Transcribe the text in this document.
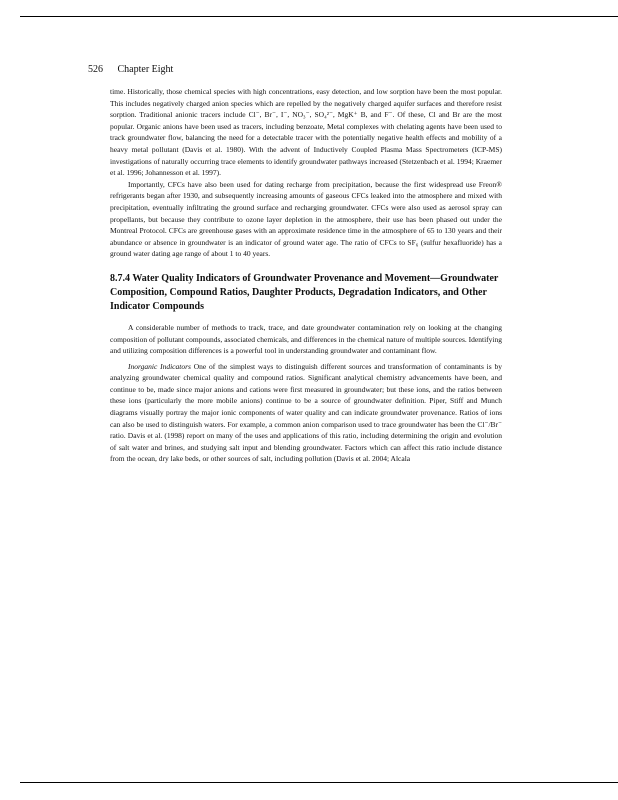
526 Chapter Eight

time. Historically, those chemical species with high concentrations, easy detection, and low sorption have been the most popular. This includes negatively charged anion species which are repelled by the negatively charged aquifer surfaces and therefore resist sorption. Traditional anionic tracers include Cl⁻, Br⁻, I⁻, NO₃⁻, SO₄²⁻, MgK⁺ B, and F⁻. Of these, Cl and Br are the most popular. Organic anions have been used as tracers, including benzoate, Metal complexes with chelating agents have been used to track groundwater flow, balancing the need for a detectable tracer with the potentially negative health effects and mobility of a heavy metal pollutant (Davis et al. 1980). With the advent of Inductively Coupled Plasma Mass Spectrometers (ICP-MS) investigations of naturally occurring trace elements to identify groundwater pathways increased (Stetzenbach et al. 1994; Kraemer et al. 1996; Johannesson et al. 1997).

Importantly, CFCs have also been used for dating recharge from precipitation, because the first widespread use Freon® refrigerants began after 1930, and subsequently increasing amounts of gaseous CFCs leaked into the atmosphere and mixed with precipitation, eventually infiltrating the ground surface and recharging groundwater. CFCs were also used as aerosol spray can propellants, but because they contribute to ozone layer depletion in the atmosphere, their use has been phased out under the Montreal Protocol. CFCs are greenhouse gases with an approximate residence time in the atmosphere of 65 to 130 years and their abundance or absence in groundwater is an indicator of ground water age. The ratio of CFCs to SF₆ (sulfur hexafluoride) has a ground water dating age range of about 1 to 40 years.

8.7.4 Water Quality Indicators of Groundwater Provenance and Movement—Groundwater Composition, Compound Ratios, Daughter Products, Degradation Indicators, and Other Indicator Compounds

A considerable number of methods to track, trace, and date groundwater contamination rely on looking at the changing composition of pollutant compounds, associated chemicals, and differences in the chemical nature of multiple sources. Identifying and utilizing composition differences is a powerful tool in understanding groundwater and contaminant flow.

Inorganic Indicators One of the simplest ways to distinguish different sources and transformation of contaminants is by analyzing groundwater chemical quality and compound ratios. Significant analytical chemistry advancements have been, and continue to be, made since major anions and cations were first measured in groundwater; but these ions, and the ratios between these ions (particularly the more mobile anions) continue to be a source of groundwater definition. Piper, Stiff and Munch diagrams visually portray the major ionic components of water quality and can indicate groundwater provenance. Ratios of ions can also be used to distinguish waters. For example, a common anion comparison used to trace groundwater has been the Cl⁻/Br⁻ ratio. Davis et al. (1998) report on many of the uses and applications of this ratio, including determining the origin and evolution of salt water and brines, and studying salt input and blending groundwater. Factors which can affect this ratio include distance from the ocean, dry lake beds, or other sources of salt, including pollution (Davis et al. 2004; Alcala
